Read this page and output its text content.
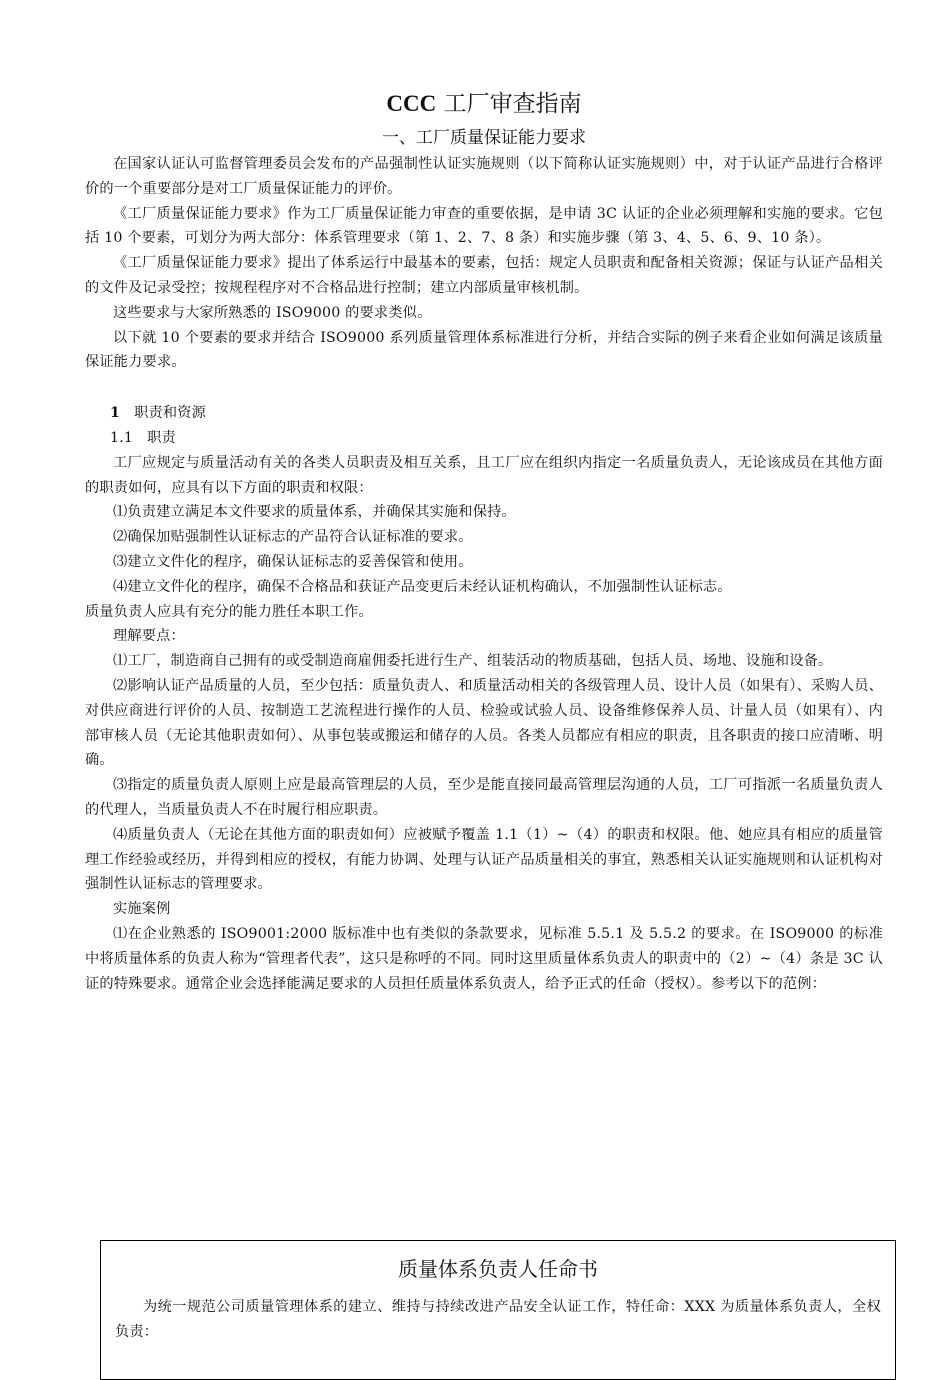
CCC 工厂审查指南
一、工厂质量保证能力要求

在国家认证认可监督管理委员会发布的产品强制性认证实施规则（以下简称认证实施规则）中，对于认证产品进行合格评价的一个重要部分是对工厂质量保证能力的评价。

《工厂质量保证能力要求》作为工厂质量保证能力审查的重要依据，是申请 3C 认证的企业必须理解和实施的要求。它包括 10 个要素，可划分为两大部分：体系管理要求（第 1、2、7、8 条）和实施步骤（第 3、4、5、6、9、10 条）。

《工厂质量保证能力要求》提出了体系运行中最基本的要素，包括：规定人员职责和配备相关资源；保证与认证产品相关的文件及记录受控；按规程程序对不合格品进行控制；建立内部质量审核机制。

这些要求与大家所熟悉的 ISO9000 的要求类似。

以下就 10 个要素的要求并结合 ISO9000 系列质量管理体系标准进行分析，并结合实际的例子来看企业如何满足该质量保证能力要求。

1 职责和资源

1.1 职责

工厂应规定与质量活动有关的各类人员职责及相互关系，且工厂应在组织内指定一名质量负责人，无论该成员在其他方面的职责如何，应具有以下方面的职责和权限：

⑴负责建立满足本文件要求的质量体系，并确保其实施和保持。

⑵确保加贴强制性认证标志的产品符合认证标准的要求。

⑶建立文件化的程序，确保认证标志的妥善保管和使用。

⑷建立文件化的程序，确保不合格品和获证产品变更后未经认证机构确认，不加强制性认证标志。

质量负责人应具有充分的能力胜任本职工作。

理解要点：

⑴工厂，制造商自己拥有的或受制造商雇佣委托进行生产、组装活动的物质基础，包括人员、场地、设施和设备。

⑵影响认证产品质量的人员，至少包括：质量负责人、和质量活动相关的各级管理人员、设计人员（如果有）、采购人员、对供应商进行评价的人员、按制造工艺流程进行操作的人员、检验或试验人员、设备维修保养人员、计量人员（如果有）、内部审核人员（无论其他职责如何）、从事包装或搬运和储存的人员。各类人员都应有相应的职责，且各职责的接口应清晰、明确。

⑶指定的质量负责人原则上应是最高管理层的人员，至少是能直接同最高管理层沟通的人员，工厂可指派一名质量负责人的代理人，当质量负责人不在时履行相应职责。

⑷质量负责人（无论在其他方面的职责如何）应被赋予覆盖 1.1（1）~（4）的职责和权限。他、她应具有相应的质量管理工作经验或经历，并得到相应的授权，有能力协调、处理与认证产品质量相关的事宜，熟悉相关认证实施规则和认证机构对强制性认证标志的管理要求。

实施案例

⑴在企业熟悉的 ISO9001:2000 版标准中也有类似的条款要求，见标准 5.5.1 及 5.5.2 的要求。在 ISO9000 的标准中将质量体系的负责人称为“管理者代表”，这只是称呼的不同。同时这里质量体系负责人的职责中的（2）~（4）条是 3C 认证的特殊要求。通常企业会选择能满足要求的人员担任质量体系负责人，给予正式的任命（授权）。参考以下的范例：

质量体系负责人任命书

为统一规范公司质量管理体系的建立、维持与持续改进产品安全认证工作，特任命：XXX 为质量体系负责人，全权负责：
